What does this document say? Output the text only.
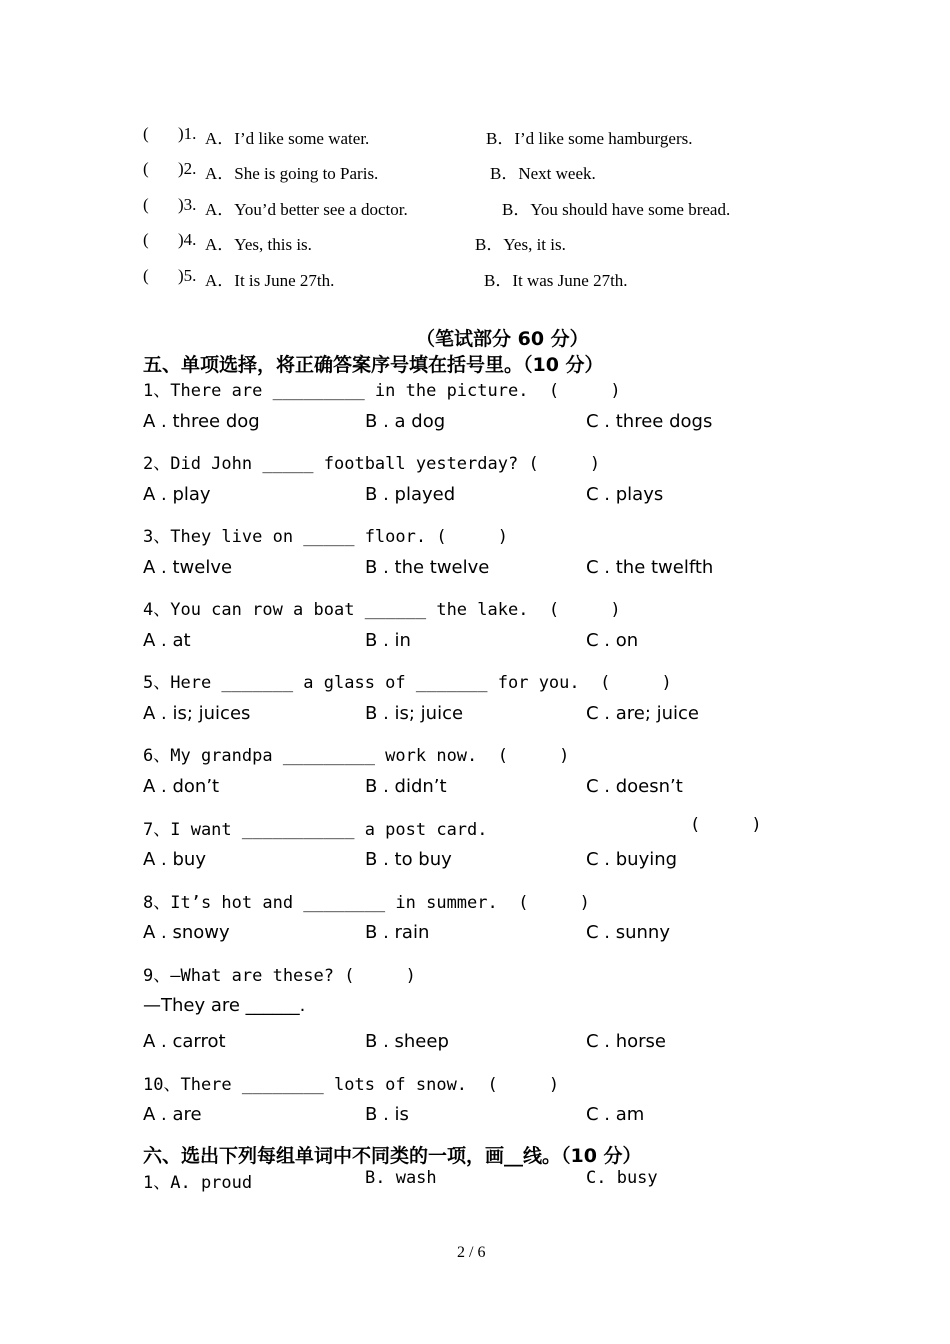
( )1. A．I’d like some water.	B．I’d like some hamburgers.
( )2. A．She is going to Paris.	B．Next week.
( )3. A．You’d better see a doctor.	B．You should have some bread.
( )4. A．Yes, this is.	B．Yes, it is.
( )5. A．It is June 27th.	B．It was June 27th.
（笔试部分 60 分）
五、单项选择，将正确答案序号填在括号里。（10 分）
1、There are _________ in the picture.  (     )
A . three dog	B . a dog	C . three dogs
2、Did John _____ football yesterday? (     )
A . play	B . played	C . plays
3、They live on _____ floor. (     )
A . twelve	B . the twelve	C . the twelfth
4、You can row a boat ______ the lake.  (     )
A . at	B . in	C . on
5、Here _______ a glass of _______ for you.  (     )
A . is; juices	B . is; juice	C . are; juice
6、My grandpa _________ work now.  (     )
A . don’t	B . didn’t	C . doesn’t
7、I want ___________ a post card.	(     )
A . buy	B . to buy	C . buying
8、It’s hot and ________ in summer.  (     )
A . snowy	B . rain	C . sunny
9、—What are these? (     )
—They are ______.
A . carrot	B . sheep	C . horse
10、There ________ lots of snow.  (     )
A . are	B . is	C . am
六、选出下列每组单词中不同类的一项，画__线。（10 分）
1、A. proud	B. wash	C. busy
2 / 6
